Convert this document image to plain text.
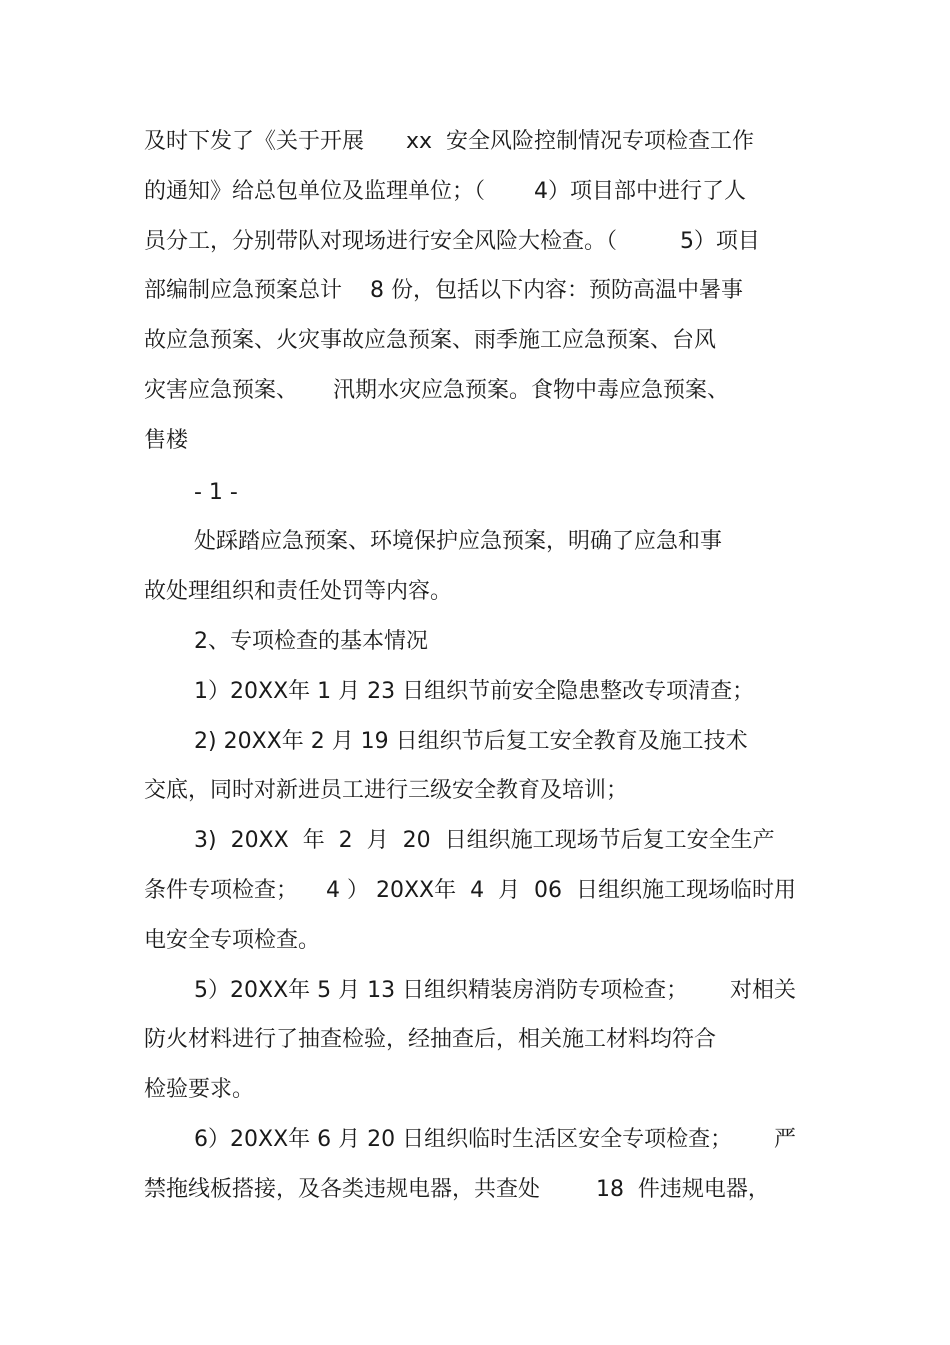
及时下发了《关于开展      xx  安全风险控制情况专项检查工作
的通知》给总包单位及监理单位；（       4）项目部中进行了人
员分工，分别带队对现场进行安全风险大检查。（         5）项目
部编制应急预案总计    8 份，包括以下内容：预防高温中暑事
故应急预案、火灾事故应急预案、雨季施工应急预案、台风
灾害应急预案、     汛期水灾应急预案。食物中毒应急预案、
售楼
- 1 -
处踩踏应急预案、环境保护应急预案，明确了应急和事
故处理组织和责任处罚等内容。
2、专项检查的基本情况
1）20XX年 1 月 23 日组织节前安全隐患整改专项清查；
2) 20XX年 2 月 19 日组织节后复工安全教育及施工技术
交底，同时对新进员工进行三级安全教育及培训；
3)  20XX  年  2  月  20  日组织施工现场节后复工安全生产
条件专项检查；    4 ） 20XX年  4  月  06  日组织施工现场临时用
电安全专项检查。
5）20XX年 5 月 13 日组织精装房消防专项检查；      对相关
防火材料进行了抽查检验，经抽查后，相关施工材料均符合
检验要求。
6）20XX年 6 月 20 日组织临时生活区安全专项检查；      严
禁拖线板搭接，及各类违规电器，共查处        18  件违规电器，
